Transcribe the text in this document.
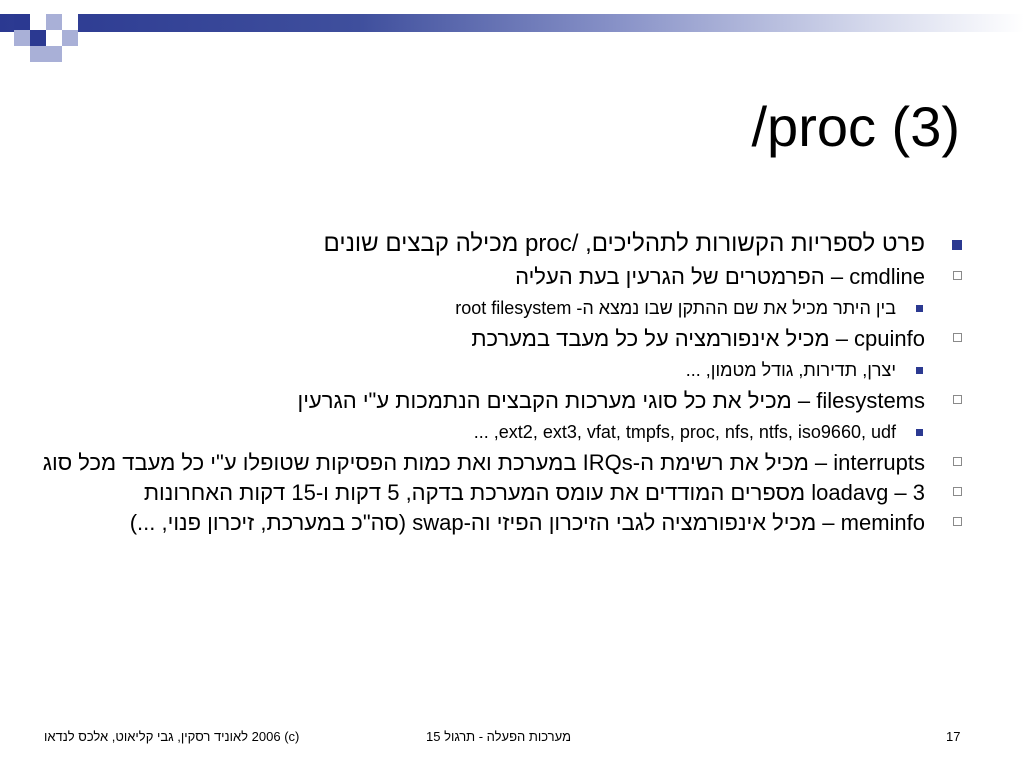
/proc (3)
פרט לספריות הקשורות לתהליכים, /proc מכילה קבצים שונים
cmdline – הפרמטרים של הגרעין בעת העליה
בין היתר מכיל את שם ההתקן שבו נמצא ה- root filesystem
cpuinfo – מכיל אינפורמציה על כל מעבד במערכת
יצרן, תדירות, גודל מטמון, ...
filesystems – מכיל את כל סוגי מערכות הקבצים הנתמכות ע"י הגרעין
ext2, ext3, vfat, tmpfs, proc, nfs, ntfs, iso9660, udf, ...
interrupts – מכיל את רשימת ה-IRQs במערכת ואת כמות הפסיקות שטופלו ע"י כל מעבד מכל סוג
loadavg – 3 מספרים המודדים את עומס המערכת בדקה, 5 דקות ו-15 דקות האחרונות
meminfo – מכיל אינפורמציה לגבי הזיכרון הפיזי וה-swap (סה"כ במערכת, זיכרון פנוי, ...)
(c) 2006 לאוניד רסקין, גבי קליאוט, אלכס לנדאו	מערכות הפעלה - תרגול 15	17
